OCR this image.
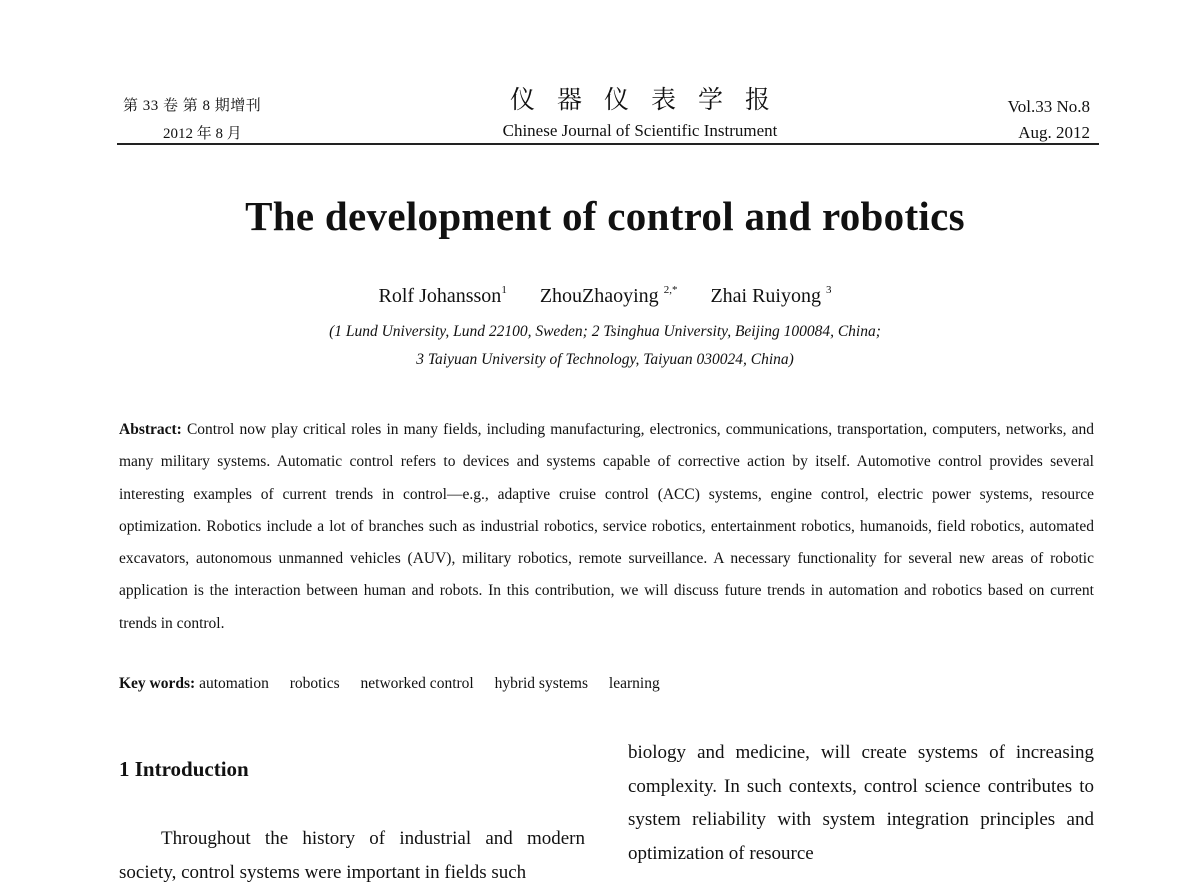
第 33 卷 第 8 期增刊
2012 年 8 月
仪器仪表学报
Chinese Journal of Scientific Instrument
Vol.33 No.8
Aug. 2012
The development of control and robotics
Rolf Johansson$^1$ ZhouZhaoying $^{2,*}$ Zhai Ruiyong $^3$
(1 Lund University, Lund 22100, Sweden; 2 Tsinghua University, Beijing 100084, China;
3 Taiyuan University of Technology, Taiyuan 030024, China)
Abstract: Control now play critical roles in many fields, including manufacturing, electronics, communications, transportation, computers, networks, and many military systems. Automatic control refers to devices and systems capable of corrective action by itself. Automotive control provides several interesting examples of current trends in control—e.g., adaptive cruise control (ACC) systems, engine control, electric power systems, resource optimization. Robotics include a lot of branches such as industrial robotics, service robotics, entertainment robotics, humanoids, field robotics, automated excavators, autonomous unmanned vehicles (AUV), military robotics, remote surveillance. A necessary functionality for several new areas of robotic application is the interaction between human and robots. In this contribution, we will discuss future trends in automation and robotics based on current trends in control.
Key words: automation robotics networked control hybrid systems learning
1 Introduction

Throughout the history of industrial and modern society, control systems were important in fields such

biology and medicine, will create systems of increasing complexity. In such contexts, control science contributes to system reliability with system integration principles and optimization of resource
